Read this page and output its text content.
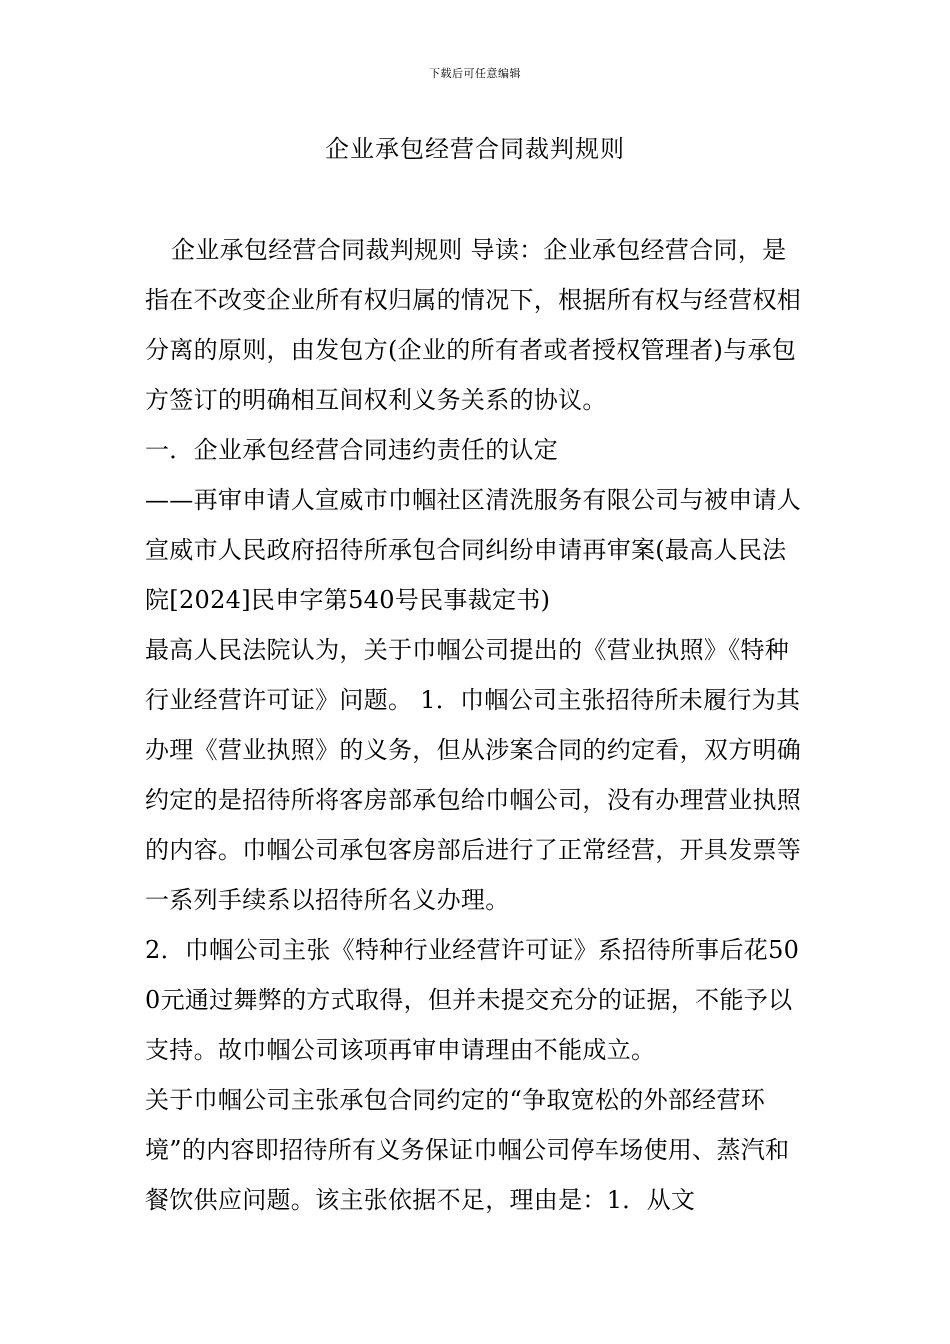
下载后可任意编辑
企业承包经营合同裁判规则

企业承包经营合同裁判规则 导读：企业承包经营合同，是指在不改变企业所有权归属的情况下，根据所有权与经营权相分离的原则，由发包方(企业的所有者或者授权管理者)与承包方签订的明确相互间权利义务关系的协议。

一．企业承包经营合同违约责任的认定

——再审申请人宣威市巾帼社区清洗服务有限公司与被申请人宣威市人民政府招待所承包合同纠纷申请再审案(最高人民法院[2024]民申字第540号民事裁定书)

最高人民法院认为，关于巾帼公司提出的《营业执照》《特种行业经营许可证》问题。 1．巾帼公司主张招待所未履行为其办理《营业执照》的义务，但从涉案合同的约定看，双方明确约定的是招待所将客房部承包给巾帼公司，没有办理营业执照的内容。巾帼公司承包客房部后进行了正常经营，开具发票等一系列手续系以招待所名义办理。

2．巾帼公司主张《特种行业经营许可证》系招待所事后花500元通过舞弊的方式取得，但并未提交充分的证据，不能予以支持。故巾帼公司该项再审申请理由不能成立。

关于巾帼公司主张承包合同约定的“争取宽松的外部经营环境”的内容即招待所有义务保证巾帼公司停车场使用、蒸汽和餐饮供应问题。该主张依据不足，理由是：1．从文
